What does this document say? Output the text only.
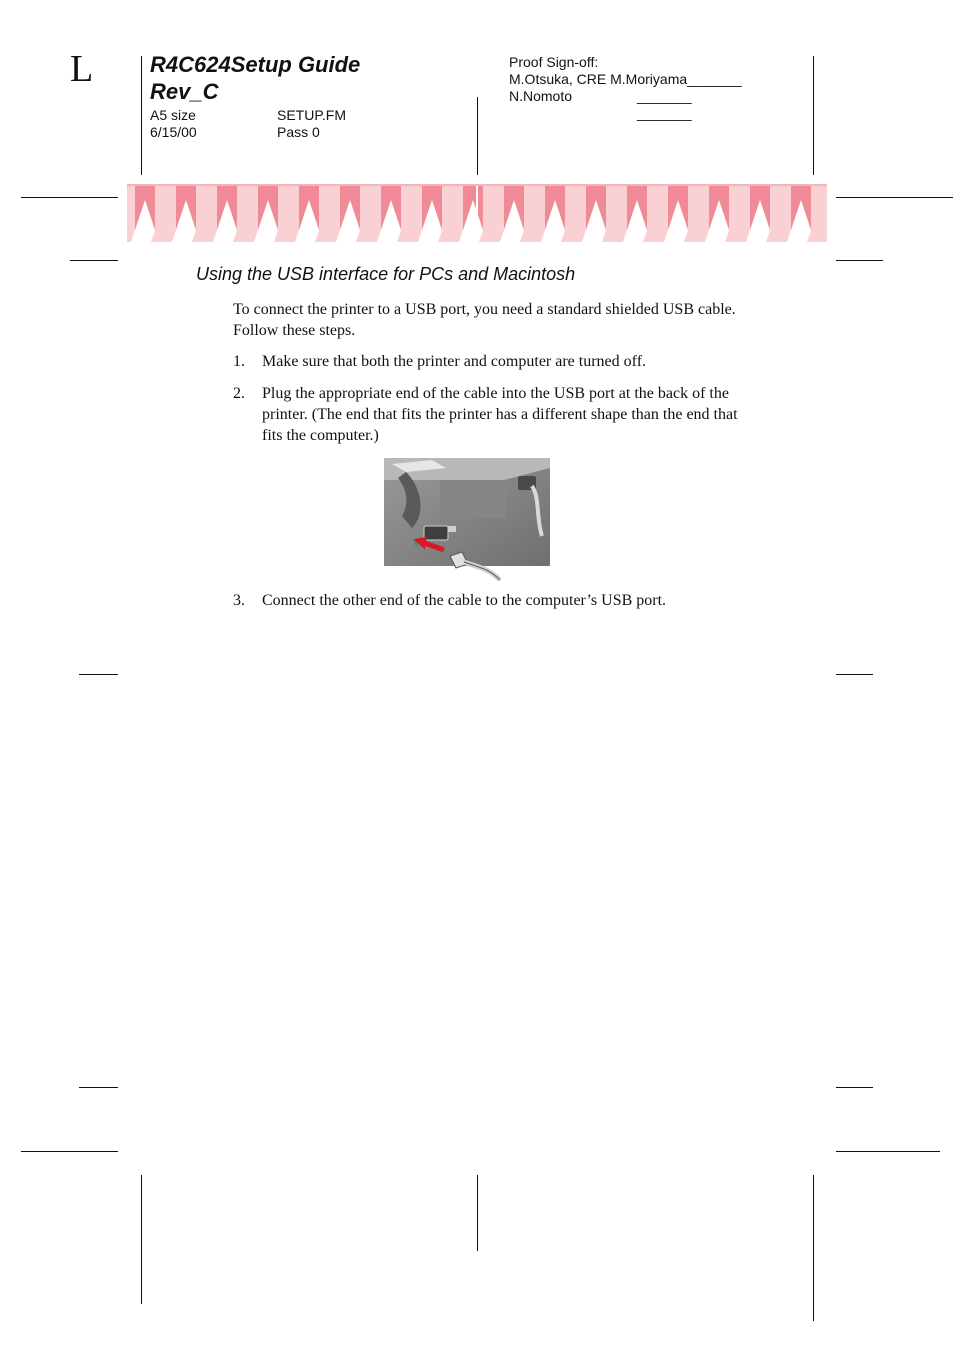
L	R4C624Setup Guide
Rev_C
A5 size	SETUP.FM
6/15/00	Pass 0
Proof Sign-off:
M.Otsuka, CRE M.Moriyama_______
N.Nomoto	_______
_______
Using the USB interface for PCs and Macintosh
To connect the printer to a USB port, you need a standard shielded USB cable. Follow these steps.
1. Make sure that both the printer and computer are turned off.
2. Plug the appropriate end of the cable into the USB port at the back of the printer. (The end that fits the printer has a different shape than the end that fits the computer.)
3. Connect the other end of the cable to the computer’s USB port.
